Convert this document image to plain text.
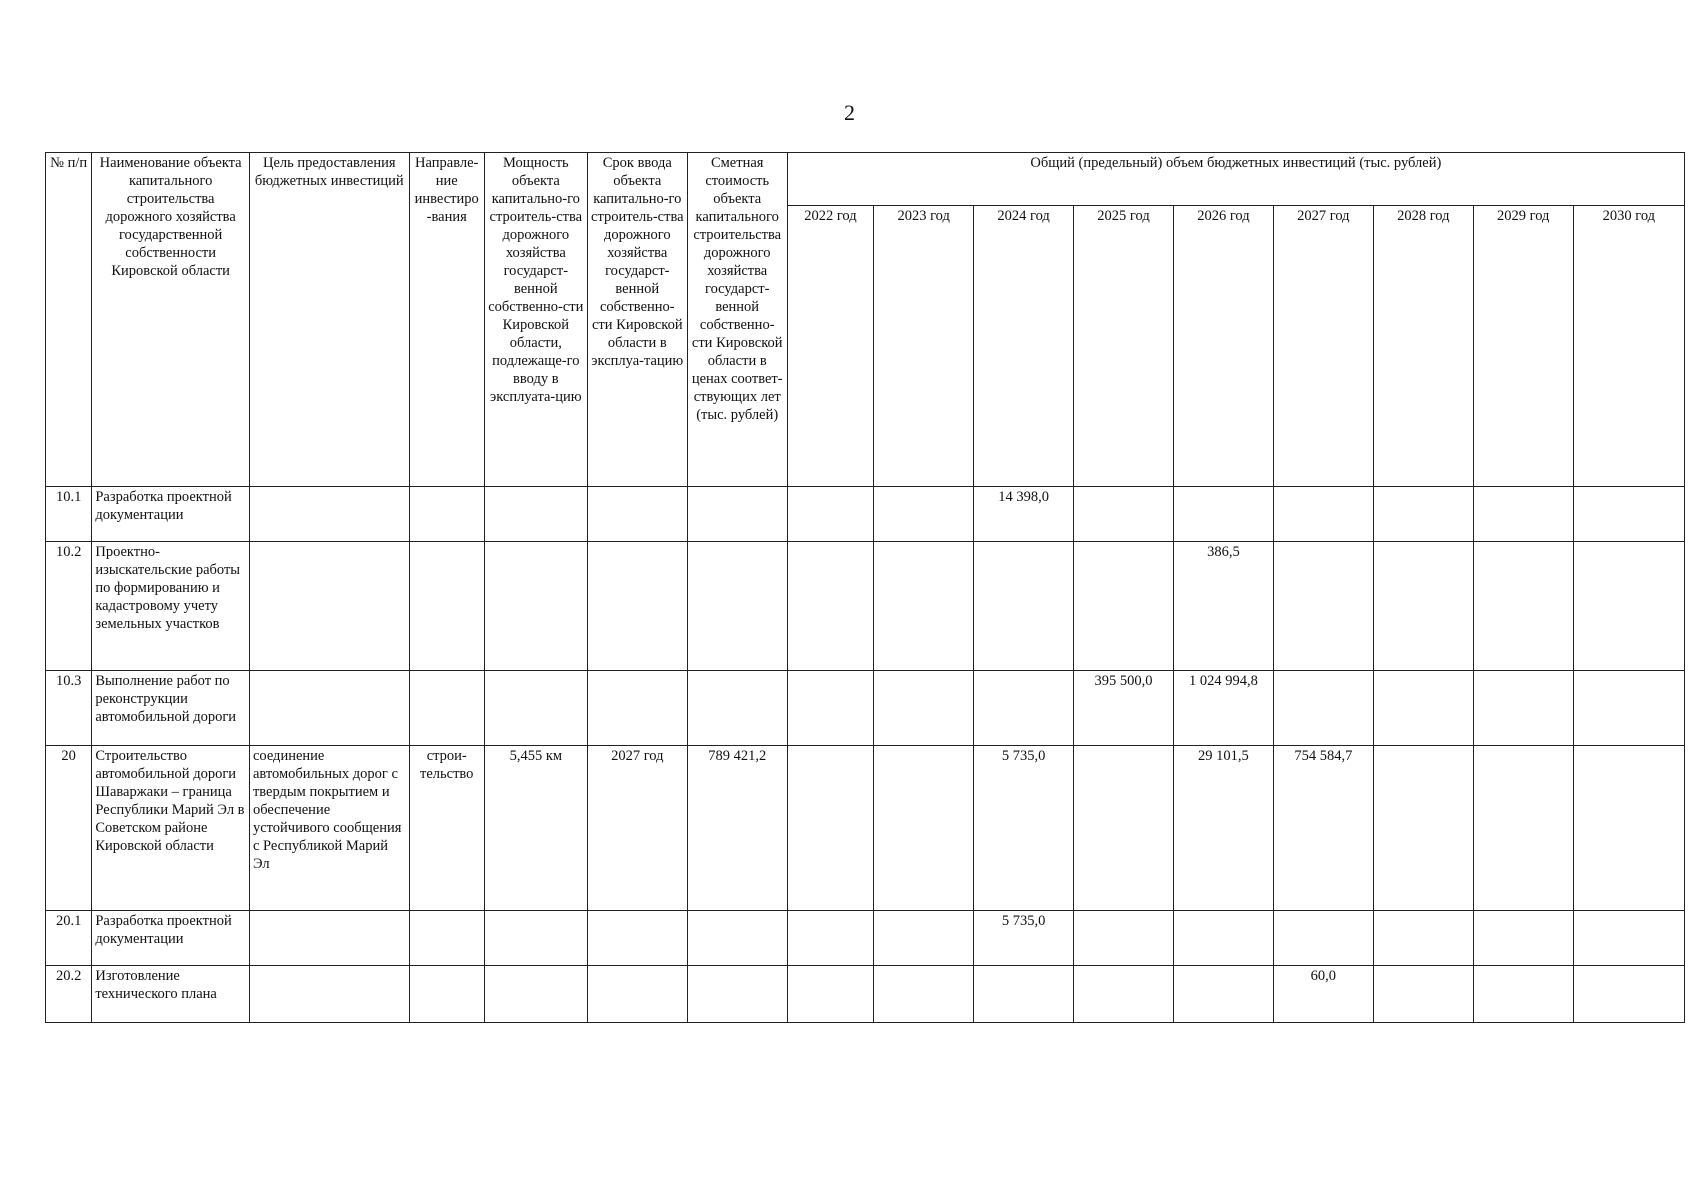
2
№ п/п	Наименование объекта капитального строительства дорожного хозяйства государственной собственности Кировской области	Цель предоставления бюджетных инвестиций	Направле-ние инвестиро-вания	Мощность объекта капитально-го строитель-ства дорожного хозяйства государст-венной собственно-сти Кировской области, подлежаще-го вводу в эксплуата-цию	Срок ввода объекта капитально-го строитель-ства дорожного хозяйства государст-венной собственно-сти Кировской области в эксплуа-тацию	Сметная стоимость объекта капитального строительства дорожного хозяйства государст-венной собственно-сти Кировской области в ценах соответ-ствующих лет (тыс. рублей)	Общий (предельный) объем бюджетных инвестиций (тыс. рублей)								
							2022 год	2023 год	2024 год	2025 год	2026 год	2027 год	2028 год	2029 год	2030 год
10.1	Разработка проектной документации								14 398,0						
10.2	Проектно-изыскательские работы по формированию и кадастровому учету земельных участков										386,5				
10.3	Выполнение работ по реконструкции автомобильной дороги									395 500,0	1 024 994,8				
20	Строительство автомобильной дороги Шаваржаки – граница Республики Марий Эл в Советском районе Кировской области	соединение автомобильных дорог с твердым покрытием и обеспечение устойчивого сообщения с Республикой Марий Эл	строи-тельство	5,455 км	2027 год	789 421,2			5 735,0		29 101,5	754 584,7			
20.1	Разработка проектной документации								5 735,0						
20.2	Изготовление технического плана											60,0			
